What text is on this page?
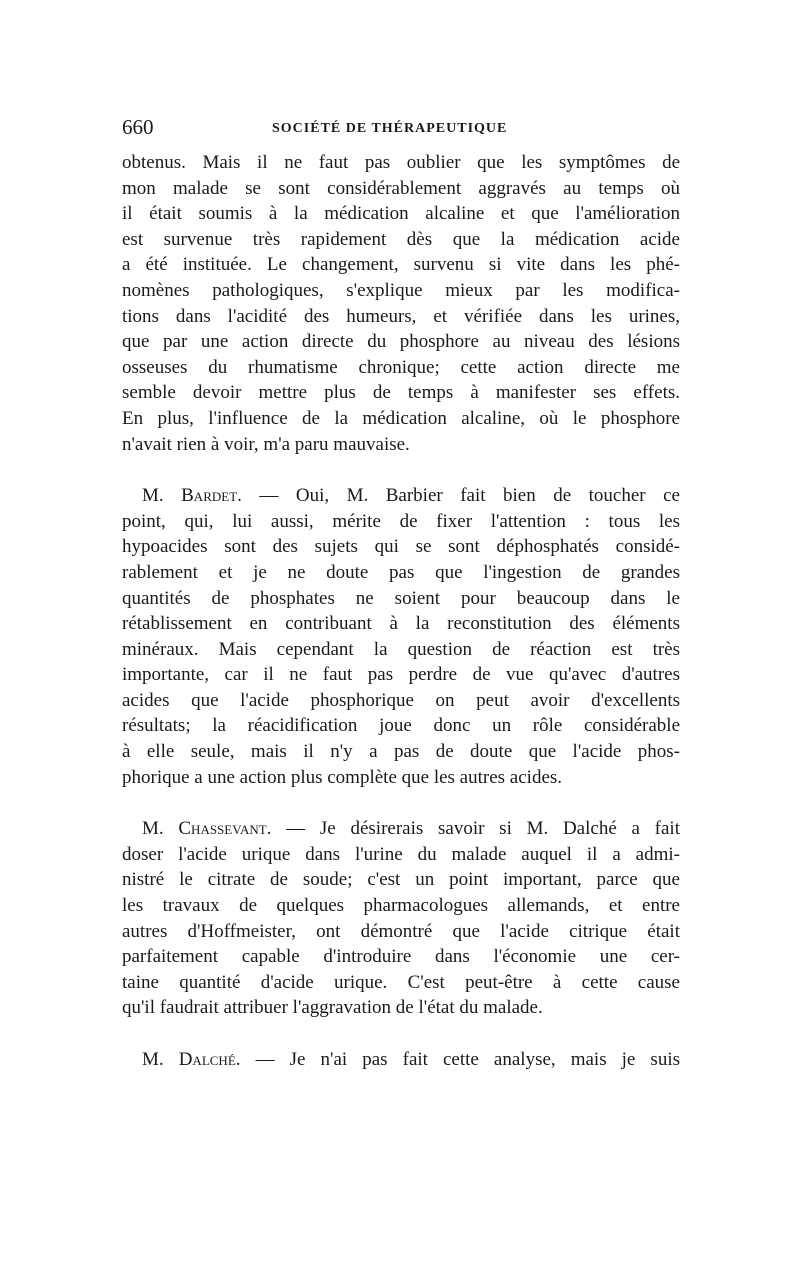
660	SOCIÉTÉ DE THÉRAPEUTIQUE
obtenus. Mais il ne faut pas oublier que les symptômes de
mon malade se sont considérablement aggravés au temps où
il était soumis à la médication alcaline et que l'amélioration
est survenue très rapidement dès que la médication acide
a été instituée. Le changement, survenu si vite dans les phé-
nomènes pathologiques, s'explique mieux par les modifica-
tions dans l'acidité des humeurs, et vérifiée dans les urines,
que par une action directe du phosphore au niveau des lésions
osseuses du rhumatisme chronique; cette action directe me
semble devoir mettre plus de temps à manifester ses effets.
En plus, l'influence de la médication alcaline, où le phosphore
n'avait rien à voir, m'a paru mauvaise.
M. Bardet. — Oui, M. Barbier fait bien de toucher ce
point, qui, lui aussi, mérite de fixer l'attention : tous les
hypoacides sont des sujets qui se sont déphosphatés considé-
rablement et je ne doute pas que l'ingestion de grandes
quantités de phosphates ne soient pour beaucoup dans le
rétablissement en contribuant à la reconstitution des éléments
minéraux. Mais cependant la question de réaction est très
importante, car il ne faut pas perdre de vue qu'avec d'autres
acides que l'acide phosphorique on peut avoir d'excellents
résultats; la réacidification joue donc un rôle considérable
à elle seule, mais il n'y a pas de doute que l'acide phos-
phorique a une action plus complète que les autres acides.
M. Chassevant. — Je désirerais savoir si M. Dalché a fait
doser l'acide urique dans l'urine du malade auquel il a admi-
nistré le citrate de soude; c'est un point important, parce que
les travaux de quelques pharmacologues allemands, et entre
autres d'Hoffmeister, ont démontré que l'acide citrique était
parfaitement capable d'introduire dans l'économie une cer-
taine quantité d'acide urique. C'est peut-être à cette cause
qu'il faudrait attribuer l'aggravation de l'état du malade.
M. Dalché. — Je n'ai pas fait cette analyse, mais je suis
